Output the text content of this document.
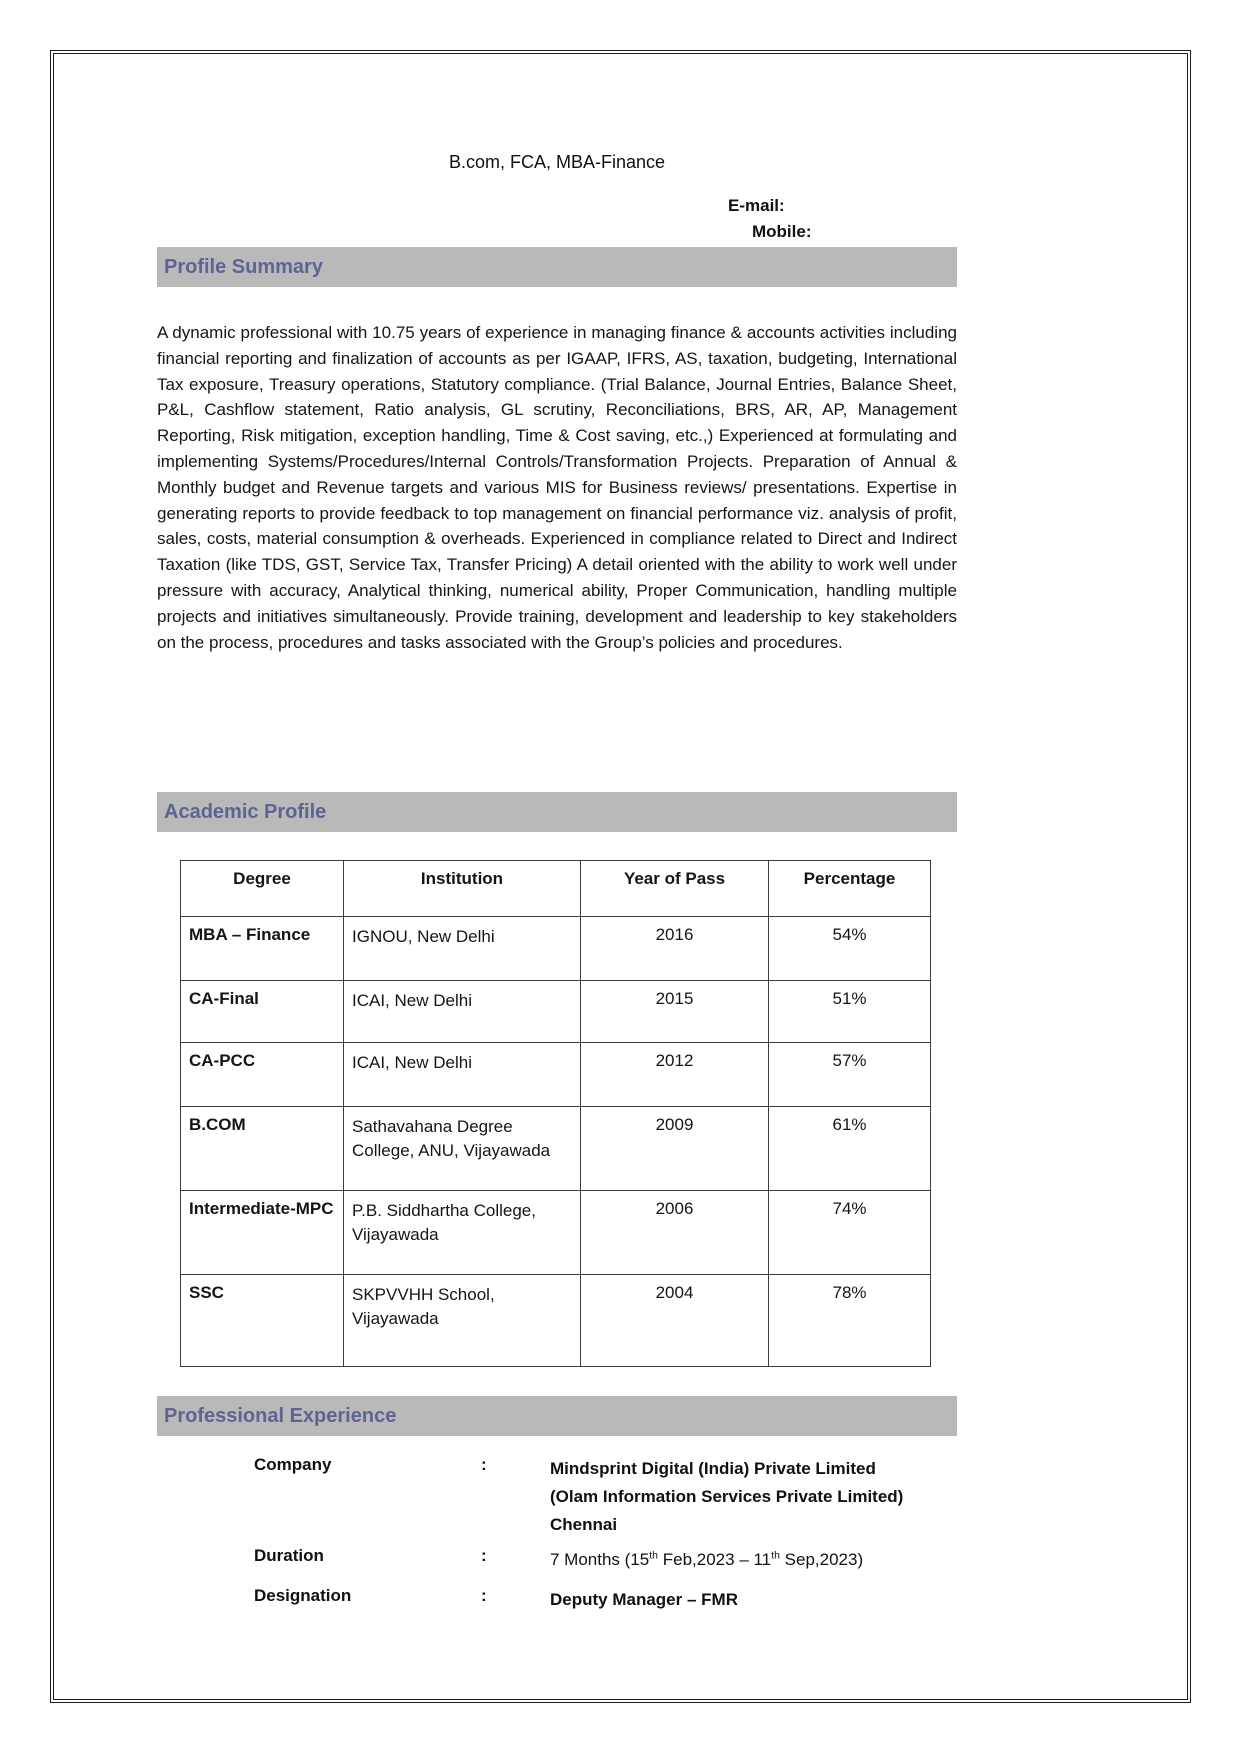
B.com, FCA, MBA-Finance
E-mail:
Mobile:
Profile Summary
A dynamic professional with 10.75 years of experience in managing finance & accounts activities including financial reporting and finalization of accounts as per IGAAP, IFRS, AS, taxation, budgeting, International Tax exposure, Treasury operations, Statutory compliance. (Trial Balance, Journal Entries, Balance Sheet, P&L, Cashflow statement, Ratio analysis, GL scrutiny, Reconciliations, BRS, AR, AP, Management Reporting, Risk mitigation, exception handling, Time & Cost saving, etc.,) Experienced at formulating and implementing Systems/Procedures/Internal Controls/Transformation Projects. Preparation of Annual & Monthly budget and Revenue targets and various MIS for Business reviews/ presentations. Expertise in generating reports to provide feedback to top management on financial performance viz. analysis of profit, sales, costs, material consumption & overheads. Experienced in compliance related to Direct and Indirect Taxation (like TDS, GST, Service Tax, Transfer Pricing) A detail oriented with the ability to work well under pressure with accuracy, Analytical thinking, numerical ability, Proper Communication, handling multiple projects and initiatives simultaneously. Provide training, development and leadership to key stakeholders on the process, procedures and tasks associated with the Group’s policies and procedures.
Academic Profile
Degree	Institution	Year of Pass	Percentage
MBA – Finance	IGNOU, New Delhi	2016	54%
CA-Final	ICAI, New Delhi	2015	51%
CA-PCC	ICAI, New Delhi	2012	57%
B.COM	Sathavahana Degree College, ANU, Vijayawada	2009	61%
Intermediate-MPC	P.B. Siddhartha College, Vijayawada	2006	74%
SSC	SKPVVHH School, Vijayawada	2004	78%
Professional Experience
Company	:	Mindsprint Digital (India) Private Limited
(Olam Information Services Private Limited)
Chennai
Duration	:	7 Months (15th Feb,2023 – 11th Sep,2023)
Designation	:	Deputy Manager – FMR
